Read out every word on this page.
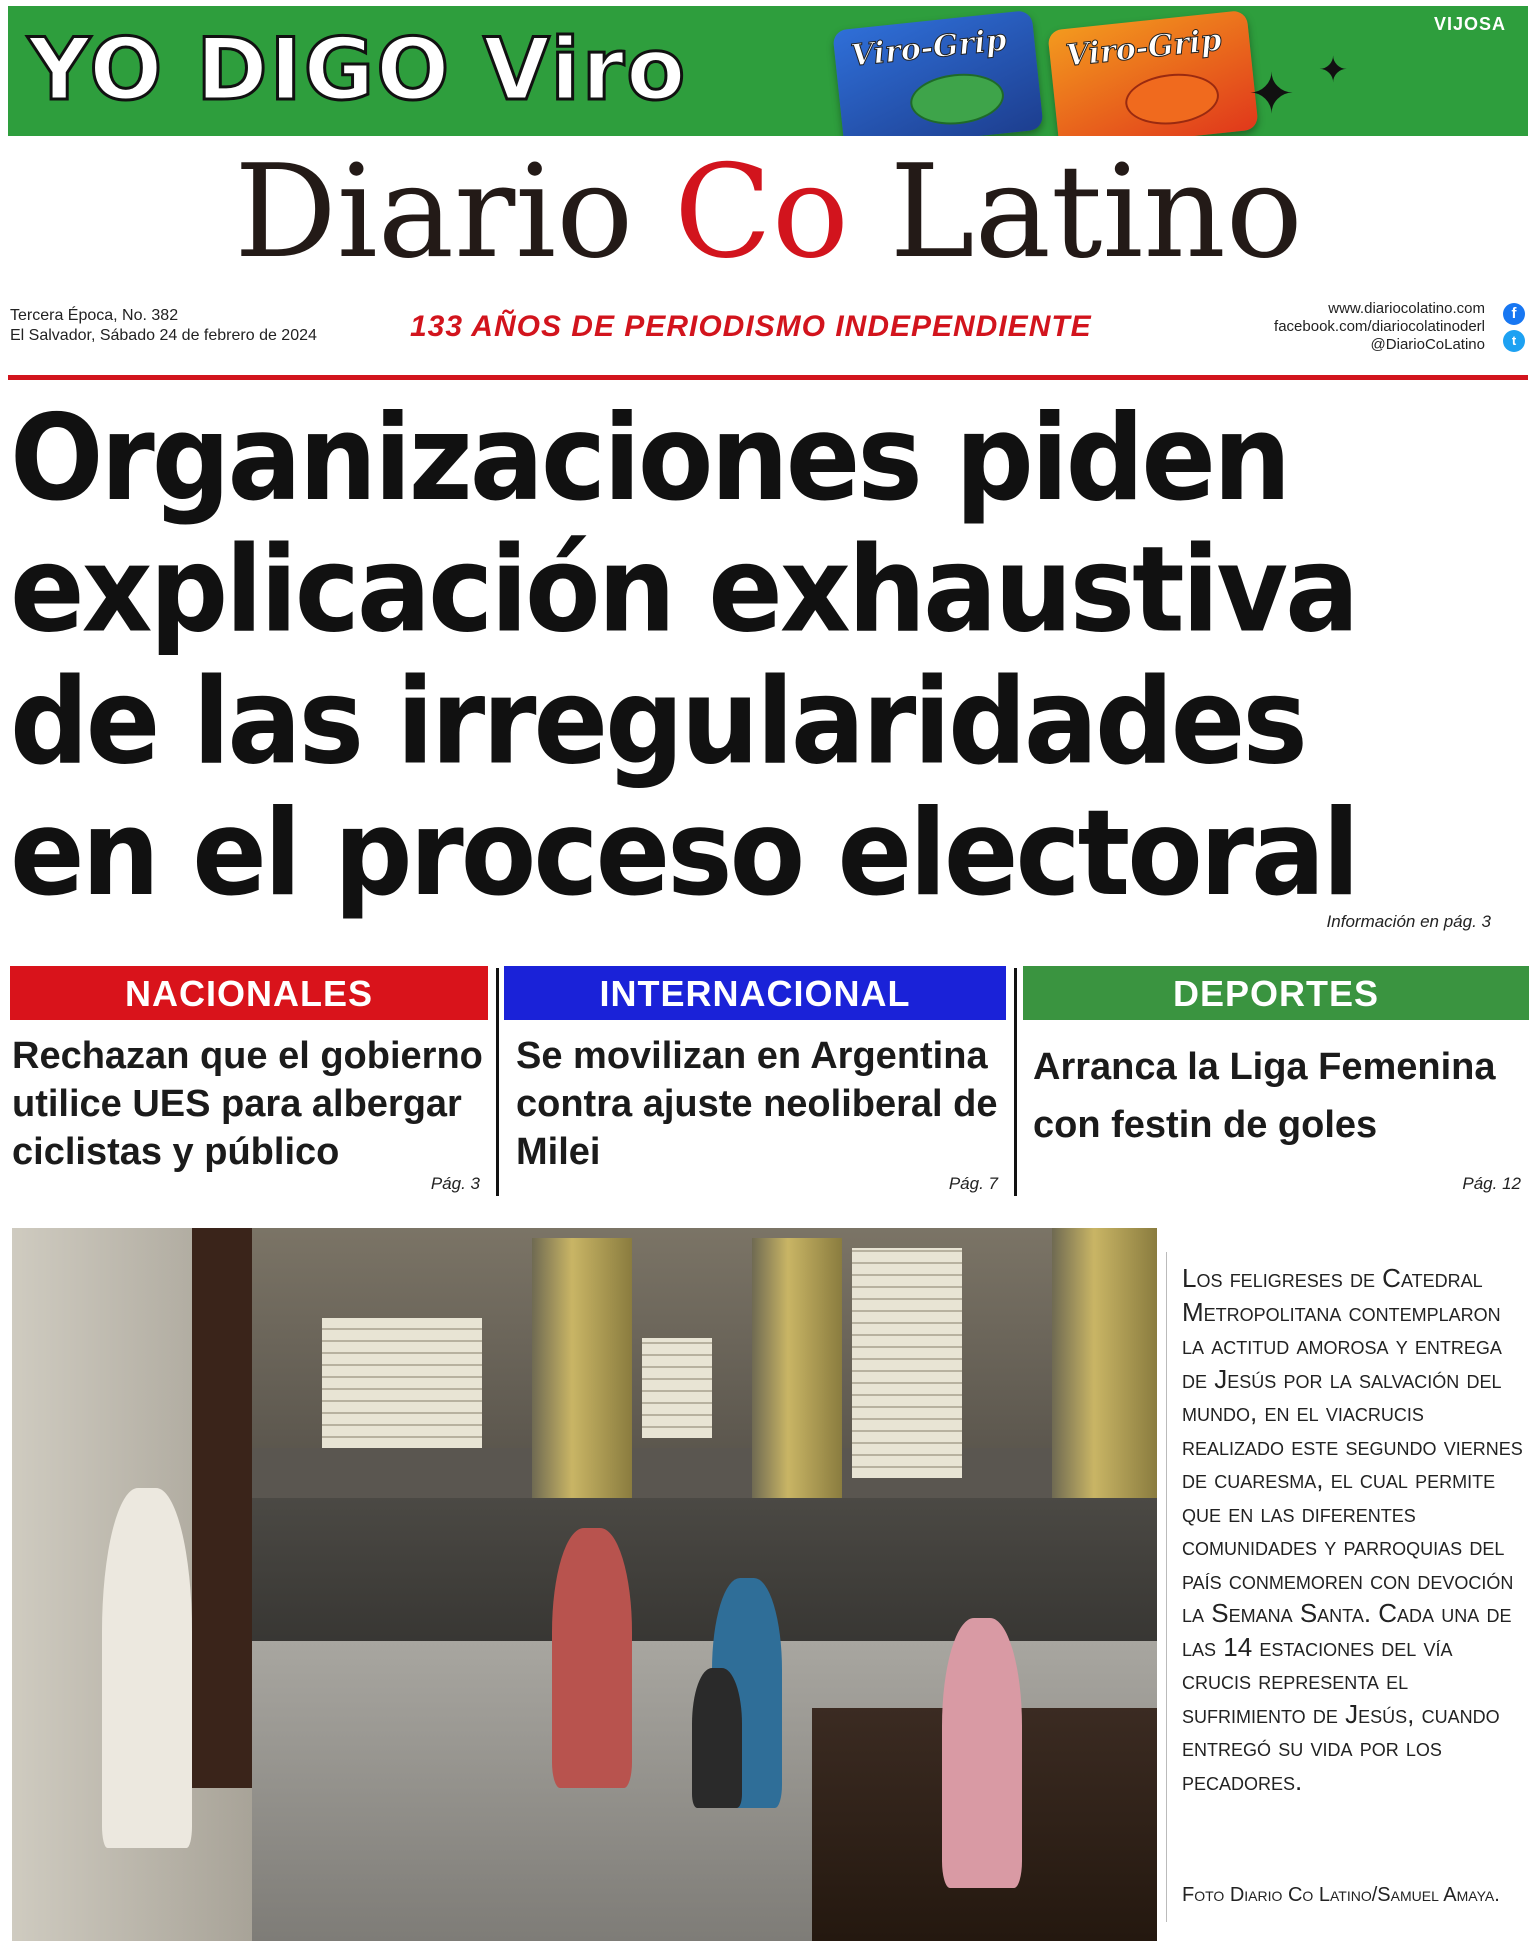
YO DIGO Viro	Viro-Grip Viro-Grip	VIJOSA
✦ ✦
Diario Co Latino
Tercera Época, No. 382
El Salvador, Sábado 24 de febrero de 2024	133 AÑOS DE PERIODISMO INDEPENDIENTE
www.diariocolatino.com
facebook.com/diariocolatinoderl
@DiarioCoLatino
f
t
Organizaciones piden
explicación exhaustiva
de las irregularidades
en el proceso electoral
Información en pág. 3
NACIONALES
Rechazan que el gobierno utilice UES para albergar ciclistas y público
Pág. 3
INTERNACIONAL
Se movilizan en Argentina contra ajuste neoliberal de Milei
Pág. 7
DEPORTES
Arranca la Liga Femenina con festin de goles
Pág. 12
Los feligreses de Catedral Metropolitana contemplaron la actitud amorosa y entrega de Jesús por la salvación del mundo, en el viacrucis realizado este segundo viernes de cuaresma, el cual permite que en las diferentes comunidades y parroquias del país conmemoren con devoción la Semana Santa. Cada una de las 14 estaciones del vía crucis representa el sufrimiento de Jesús, cuando entregó su vida por los pecadores.
Foto Diario Co Latino/Samuel Amaya.
